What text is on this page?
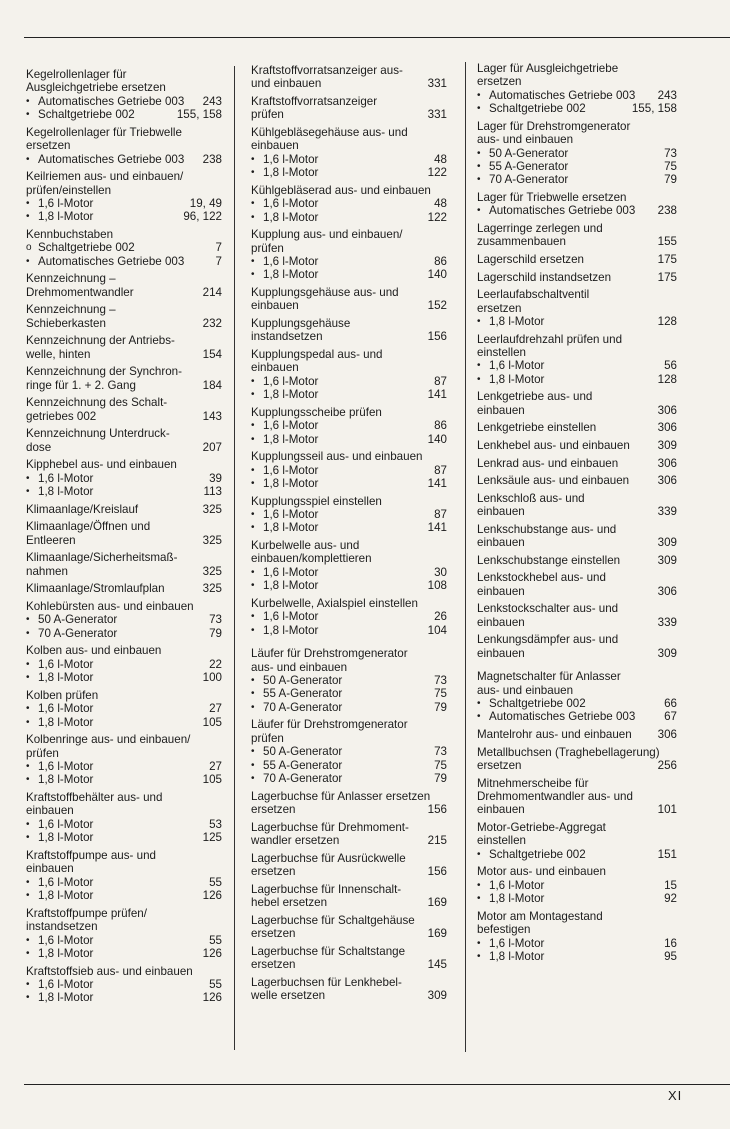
Kegelrollenlager für
Ausgleichgetriebe ersetzen
• Automatisches Getriebe 003	243
• Schaltgetriebe 002	155, 158
Kegelrollenlager für Triebwelle
ersetzen
• Automatisches Getriebe 003	238
Keilriemen aus- und einbauen/
prüfen/einstellen
• 1,6 l-Motor	19, 49
• 1,8 l-Motor	96, 122
Kennbuchstaben
o Schaltgetriebe 002	7
• Automatisches Getriebe 003	7
Kennzeichnung –
Drehmomentwandler	214
Kennzeichnung –
Schieberkasten	232
Kennzeichnung der Antriebs-
welle, hinten	154
Kennzeichnung der Synchron-
ringe für 1. + 2. Gang	184
Kennzeichnung des Schalt-
getriebes 002	143
Kennzeichnung Unterdruck-
dose	207
Kipphebel aus- und einbauen
• 1,6 l-Motor	39
• 1,8 l-Motor	113
Klimaanlage/Kreislauf	325
Klimaanlage/Öffnen und
Entleeren	325
Klimaanlage/Sicherheitsmaß-
nahmen	325
Klimaanlage/Stromlaufplan	325
Kohlebürsten aus- und einbauen
• 50 A-Generator	73
• 70 A-Generator	79
Kolben aus- und einbauen
• 1,6 l-Motor	22
• 1,8 l-Motor	100
Kolben prüfen
• 1,6 l-Motor	27
• 1,8 l-Motor	105
Kolbenringe aus- und einbauen/
prüfen
• 1,6 l-Motor	27
• 1,8 l-Motor	105
Kraftstoffbehälter aus- und
einbauen
• 1,6 l-Motor	53
• 1,8 l-Motor	125
Kraftstoffpumpe aus- und
einbauen
• 1,6 l-Motor	55
• 1,8 l-Motor	126
Kraftstoffpumpe prüfen/
instandsetzen
• 1,6 l-Motor	55
• 1,8 l-Motor	126
Kraftstoffsieb aus- und einbauen
• 1,6 l-Motor	55
• 1,8 l-Motor	126
Kraftstoffvorratsanzeiger aus-
und einbauen	331
Kraftstoffvorratsanzeiger
prüfen	331
Kühlgebläsegehäuse aus- und
einbauen
• 1,6 l-Motor	48
• 1,8 l-Motor	122
Kühlgebläserad aus- und einbauen
• 1,6 l-Motor	48
• 1,8 l-Motor	122
Kupplung aus- und einbauen/
prüfen
• 1,6 l-Motor	86
• 1,8 l-Motor	140
Kupplungsgehäuse aus- und
einbauen	152
Kupplungsgehäuse
instandsetzen	156
Kupplungspedal aus- und
einbauen
• 1,6 l-Motor	87
• 1,8 l-Motor	141
Kupplungsscheibe prüfen
• 1,6 l-Motor	86
• 1,8 l-Motor	140
Kupplungsseil aus- und einbauen
• 1,6 l-Motor	87
• 1,8 l-Motor	141
Kupplungsspiel einstellen
• 1,6 l-Motor	87
• 1,8 l-Motor	141
Kurbelwelle aus- und
einbauen/komplettieren
• 1,6 l-Motor	30
• 1,8 l-Motor	108
Kurbelwelle, Axialspiel einstellen
• 1,6 l-Motor	26
• 1,8 l-Motor	104
Läufer für Drehstromgenerator
aus- und einbauen
• 50 A-Generator	73
• 55 A-Generator	75
• 70 A-Generator	79
Läufer für Drehstromgenerator
prüfen
• 50 A-Generator	73
• 55 A-Generator	75
• 70 A-Generator	79
Lagerbuchse für Anlasser ersetzen
ersetzen	156
Lagerbuchse für Drehmoment-
wandler ersetzen	215
Lagerbuchse für Ausrückwelle
ersetzen	156
Lagerbuchse für Innenschalt-
hebel ersetzen	169
Lagerbuchse für Schaltgehäuse
ersetzen	169
Lagerbuchse für Schaltstange
ersetzen	145
Lagerbuchsen für Lenkhebel-
welle ersetzen	309
Lager für Ausgleichgetriebe
ersetzen
• Automatisches Getriebe 003	243
• Schaltgetriebe 002	155, 158
Lager für Drehstromgenerator
aus- und einbauen
• 50 A-Generator	73
• 55 A-Generator	75
• 70 A-Generator	79
Lager für Triebwelle ersetzen
• Automatisches Getriebe 003	238
Lagerringe zerlegen und
zusammenbauen	155
Lagerschild ersetzen	175
Lagerschild instandsetzen	175
Leerlaufabschaltventil
ersetzen
• 1,8 l-Motor	128
Leerlaufdrehzahl prüfen und
einstellen
• 1,6 l-Motor	56
• 1,8 l-Motor	128
Lenkgetriebe aus- und
einbauen	306
Lenkgetriebe einstellen	306
Lenkhebel aus- und einbauen	309
Lenkrad aus- und einbauen	306
Lenksäule aus- und einbauen	306
Lenkschloß aus- und
einbauen	339
Lenkschubstange aus- und
einbauen	309
Lenkschubstange einstellen	309
Lenkstockhebel aus- und
einbauen	306
Lenkstockschalter aus- und
einbauen	339
Lenkungsdämpfer aus- und
einbauen	309
Magnetschalter für Anlasser
aus- und einbauen
• Schaltgetriebe 002	66
• Automatisches Getriebe 003	67
Mantelrohr aus- und einbauen	306
Metallbuchsen (Traghebellagerung)
ersetzen	256
Mitnehmerscheibe für
Drehmomentwandler aus- und
einbauen	101
Motor-Getriebe-Aggregat
einstellen
• Schaltgetriebe 002	151
Motor aus- und einbauen
• 1,6 l-Motor	15
• 1,8 l-Motor	92
Motor am Montagestand
befestigen
• 1,6 l-Motor	16
• 1,8 l-Motor	95
XI
